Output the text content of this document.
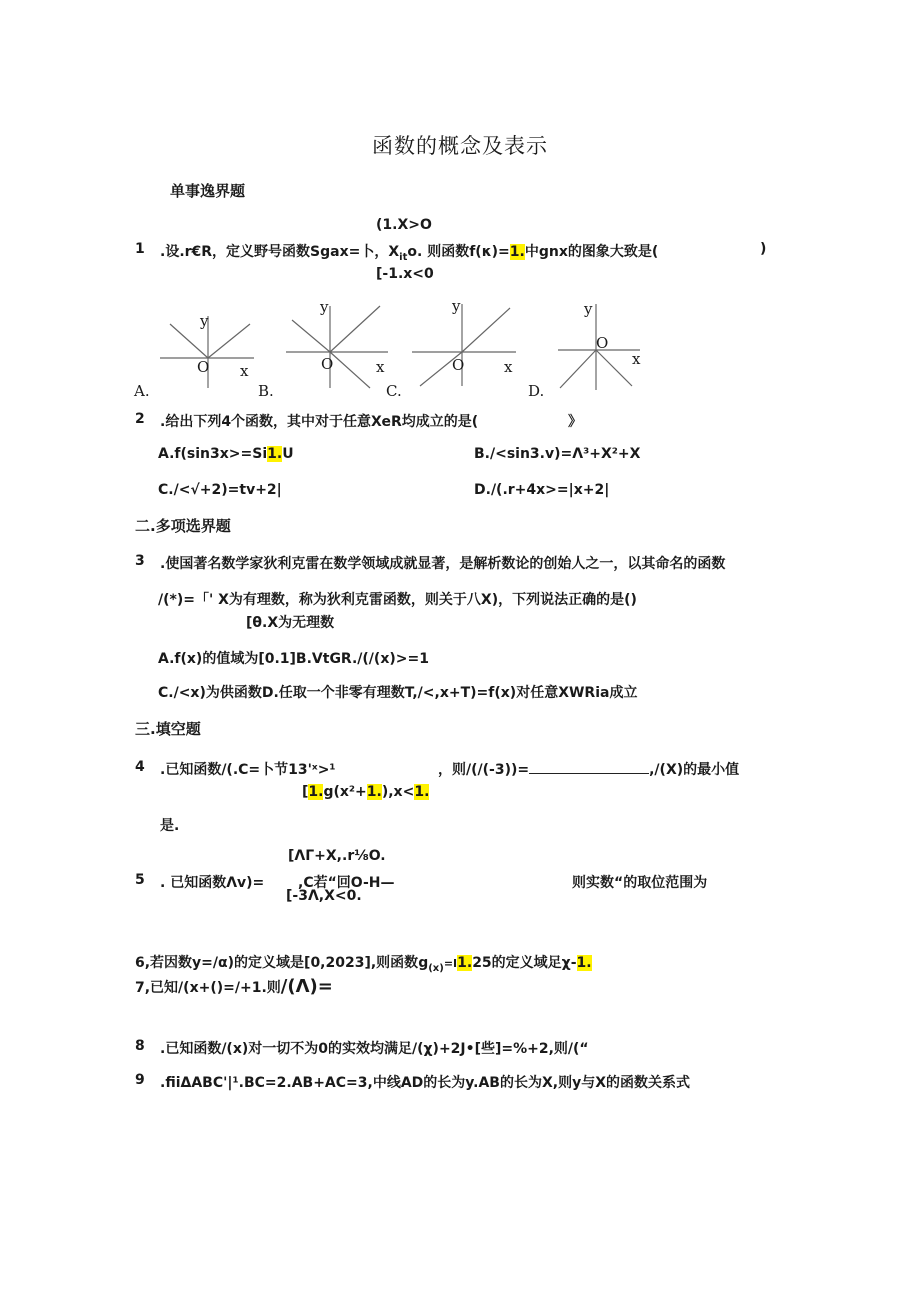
函数的概念及表示
单事逸界题
(1.X>O
1 .设.r€R，定义野号函数Sgax=卜，$X_{it}o$. 则函数f(κ)=1.中gnx的图象大致是(	)
[-1.x<0
y
x
O
A.
y
x
O
B.
y
x
O
C.
y
x
O
D.
2 .给出下列4个函数，其中对于任意XeR均成立的是(	》
A.f(sin3x>=Si1.U	B./<sin3.v)=Λ³+X²+X
C./<√+2)=tv+2|	D./(.r+4x>=|x+2|
二.多项选界题
3 .使国著名数学家狄利克雷在数学领域成就显著，是解析数论的创始人之一，以其命名的函数
/(*)=「' X为有理数，称为狄利克雷函数，则关于八X)，下列说法正确的是()
[θ.X为无理数
A.f(x)的值域为[0.1]B.VtGR./(/(x)>=1
C./<x)为供函数D.任取一个非零有理数T,/<,x+T)=f(x)对任意XWRia成立
三.填空题
4 .已知函数/(.C=卜节13'ˣ>¹	，则/(/(-3))=	,/(X)的最小值
[1.g(x²+1.),x<1.
是.
[ΛΓ+X,.r⅛O.
5 . 已知函数Λv)= ,C若“回O-H—	则实数“的取位范围为
[-3Λ,X<0.
6,若因数y=/α)的定义域是[0,2023],则函数$g_{(x)}=I1.25$的定义域足χ-1.
7,已知/(x+()=/+1.则/(Λ)=
8 .已知函数/(x)对一切不为0的实效均满足/(χ)+2J•[些]=%+2,则/(“
9 .fiiΔABC'|¹.BC=2.AB+AC=3,中线AD的长为y.AB的长为X,则y与X的函数关系式
